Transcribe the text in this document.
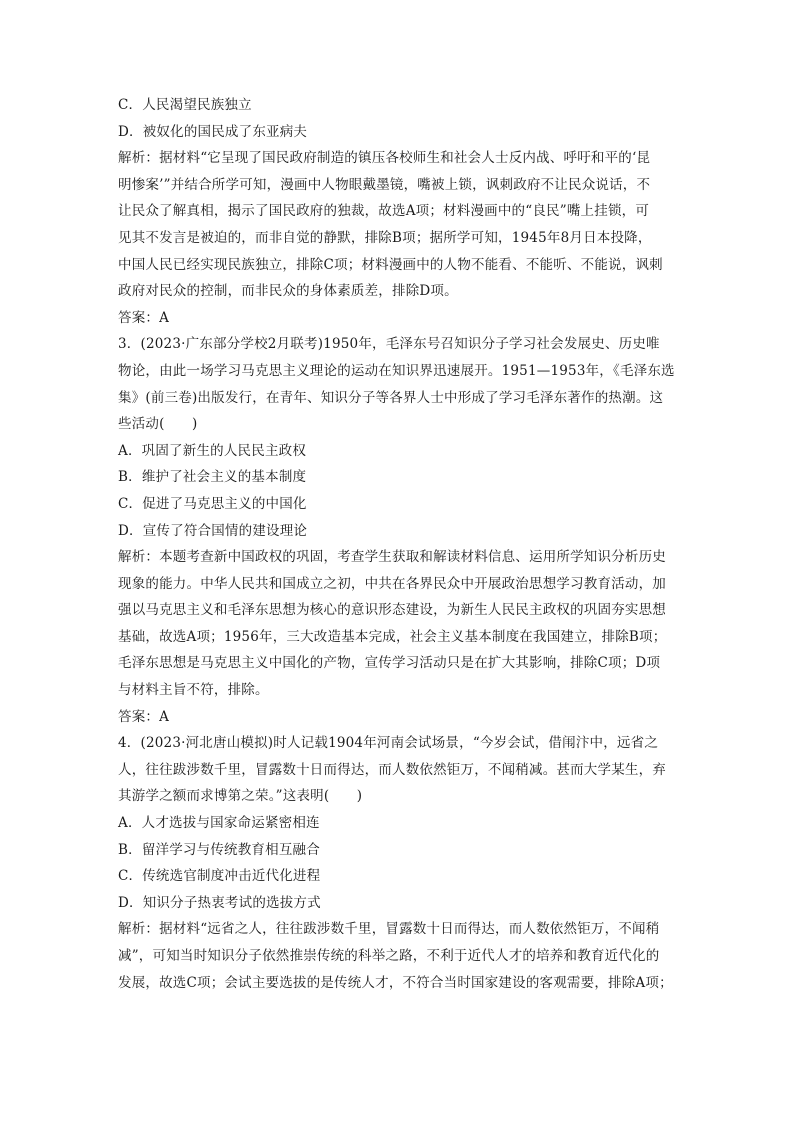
C．人民渴望民族独立
D．被奴化的国民成了东亚病夫
解析：据材料“它呈现了国民政府制造的镇压各校师生和社会人士反内战、呼吁和平的‘昆
明惨案’”并结合所学可知，漫画中人物眼戴墨镜，嘴被上锁，讽刺政府不让民众说话，不
让民众了解真相，揭示了国民政府的独裁，故选A项；材料漫画中的“良民”嘴上挂锁，可
见其不发言是被迫的，而非自觉的静默，排除B项；据所学可知，1945年8月日本投降，
中国人民已经实现民族独立，排除C项；材料漫画中的人物不能看、不能听、不能说，讽刺
政府对民众的控制，而非民众的身体素质差，排除D项。
答案：A
3．(2023·广东部分学校2月联考)1950年，毛泽东号召知识分子学习社会发展史、历史唯
物论，由此一场学习马克思主义理论的运动在知识界迅速展开。1951—1953年，《毛泽东选
集》(前三卷)出版发行，在青年、知识分子等各界人士中形成了学习毛泽东著作的热潮。这
些活动(　　)
A．巩固了新生的人民民主政权
B．维护了社会主义的基本制度
C．促进了马克思主义的中国化
D．宣传了符合国情的建设理论
解析：本题考查新中国政权的巩固，考查学生获取和解读材料信息、运用所学知识分析历史
现象的能力。中华人民共和国成立之初，中共在各界民众中开展政治思想学习教育活动，加
强以马克思主义和毛泽东思想为核心的意识形态建设，为新生人民民主政权的巩固夯实思想
基础，故选A项；1956年，三大改造基本完成，社会主义基本制度在我国建立，排除B项；
毛泽东思想是马克思主义中国化的产物，宣传学习活动只是在扩大其影响，排除C项；D项
与材料主旨不符，排除。
答案：A
4．(2023·河北唐山模拟)时人记载1904年河南会试场景，“今岁会试，借闱汴中，远省之
人，往往跋涉数千里，冒露数十日而得达，而人数依然钜万，不闻稍减。甚而大学某生，弃
其游学之额而求博第之荣。”这表明(　　)
A．人才选拔与国家命运紧密相连
B．留洋学习与传统教育相互融合
C．传统选官制度冲击近代化进程
D．知识分子热衷考试的选拔方式
解析：据材料“远省之人，往往跋涉数千里，冒露数十日而得达，而人数依然钜万，不闻稍
减”，可知当时知识分子依然推崇传统的科举之路，不利于近代人才的培养和教育近代化的
发展，故选C项；会试主要选拔的是传统人才，不符合当时国家建设的客观需要，排除A项；
